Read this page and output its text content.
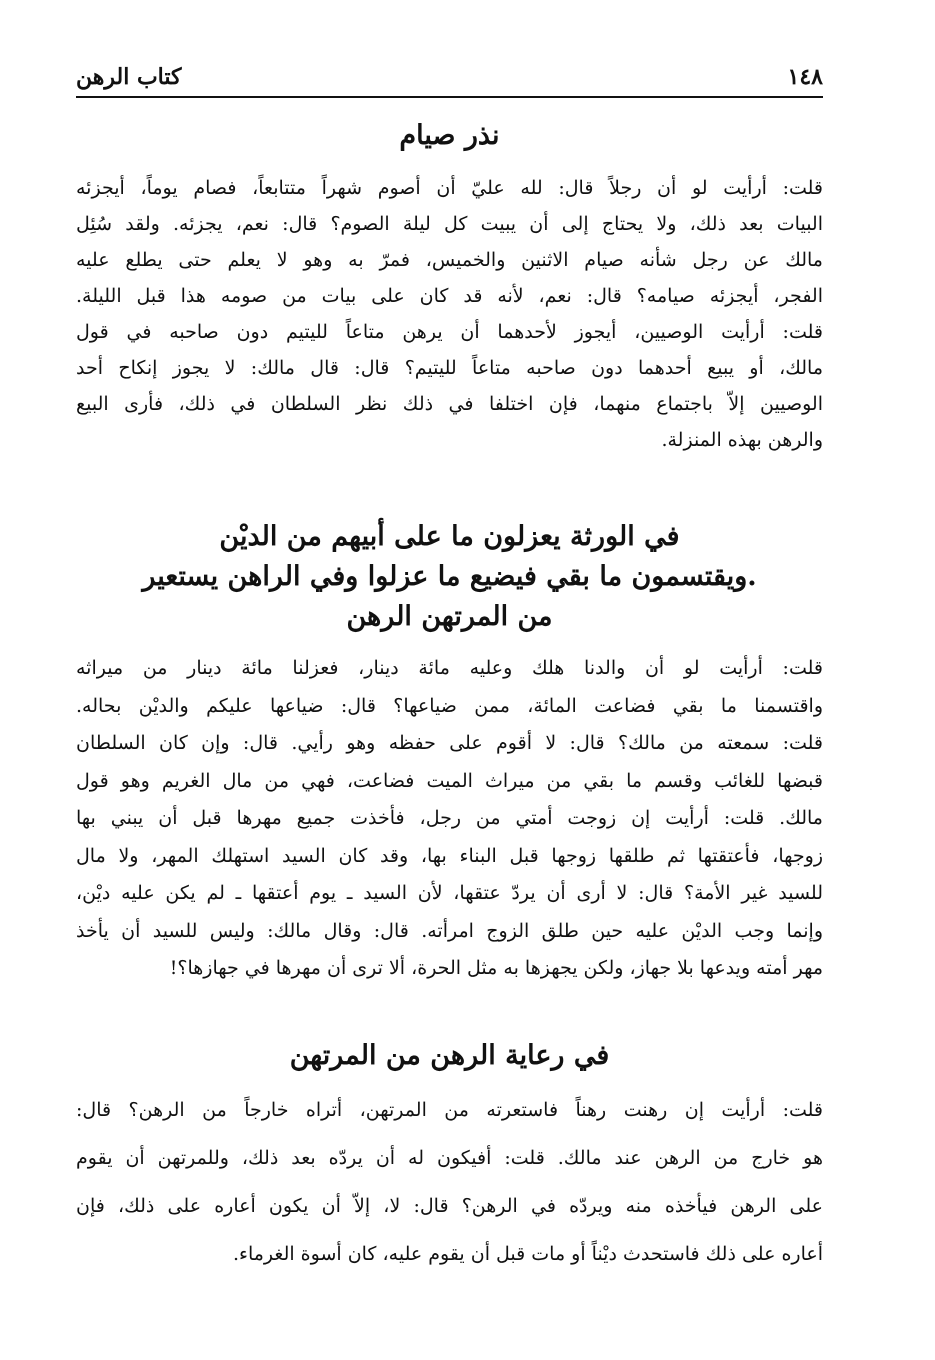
١٤٨
كتاب الرهن
نذر صيام
قلت: أرأيت لو أن رجلاً قال: لله عليّ أن أصوم شهراً متتابعاً، فصام يوماً، أيجزئه
البيات بعد ذلك، ولا يحتاج إلى أن يبيت كل ليلة الصوم؟ قال: نعم، يجزئه. ولقد سُئِل
مالك عن رجل شأنه صيام الاثنين والخميس، فمرّ به وهو لا يعلم حتى يطلع عليه
الفجر، أيجزئه صيامه؟ قال: نعم، لأنه قد كان على بيات من صومه هذا قبل الليلة.
قلت: أرأيت الوصيين، أيجوز لأحدهما أن يرهن متاعاً لليتيم دون صاحبه في قول
مالك، أو يبيع أحدهما دون صاحبه متاعاً لليتيم؟ قال: قال مالك: لا يجوز إنكاح أحد
الوصيين إلاّ باجتماع منهما، فإن اختلفا في ذلك نظر السلطان في ذلك، فأرى البيع
والرهن بهذه المنزلة.
في الورثة يعزلون ما على أبيهم من الديْن
.ويقتسمون ما بقي فيضيع ما عزلوا وفي الراهن يستعير
من المرتهن الرهن
قلت: أرأيت لو أن والدنا هلك وعليه مائة دينار، فعزلنا مائة دينار من ميراثه
واقتسمنا ما بقي فضاعت المائة، ممن ضياعها؟ قال: ضياعها عليكم والديْن بحاله.
قلت: سمعته من مالك؟ قال: لا أقوم على حفظه وهو رأيي. قال: وإن كان السلطان
قبضها للغائب وقسم ما بقي من ميراث الميت فضاعت، فهي من مال الغريم وهو قول
مالك. قلت: أرأيت إن زوجت أمتي من رجل، فأخذت جميع مهرها قبل أن يبني بها
زوجها، فأعتقتها ثم طلقها زوجها قبل البناء بها، وقد كان السيد استهلك المهر، ولا مال
للسيد غير الأمة؟ قال: لا أرى أن يردّ عتقها، لأن السيد ـ يوم أعتقها ـ لم يكن عليه ديْن،
وإنما وجب الديْن عليه حين طلق الزوج امرأته. قال: وقال مالك: وليس للسيد أن يأخذ
مهر أمته ويدعها بلا جهاز، ولكن يجهزها به مثل الحرة، ألا ترى أن مهرها في جهازها؟!
في رعاية الرهن من المرتهن
قلت: أرأيت إن رهنت رهناً فاستعرته من المرتهن، أتراه خارجاً من الرهن؟ قال:
هو خارج من الرهن عند مالك. قلت: أفيكون له أن يردّه بعد ذلك، وللمرتهن أن يقوم
على الرهن فيأخذه منه ويردّه في الرهن؟ قال: لا، إلاّ أن يكون أعاره على ذلك، فإن
أعاره على ذلك فاستحدث ديْناً أو مات قبل أن يقوم عليه، كان أسوة الغرماء.
